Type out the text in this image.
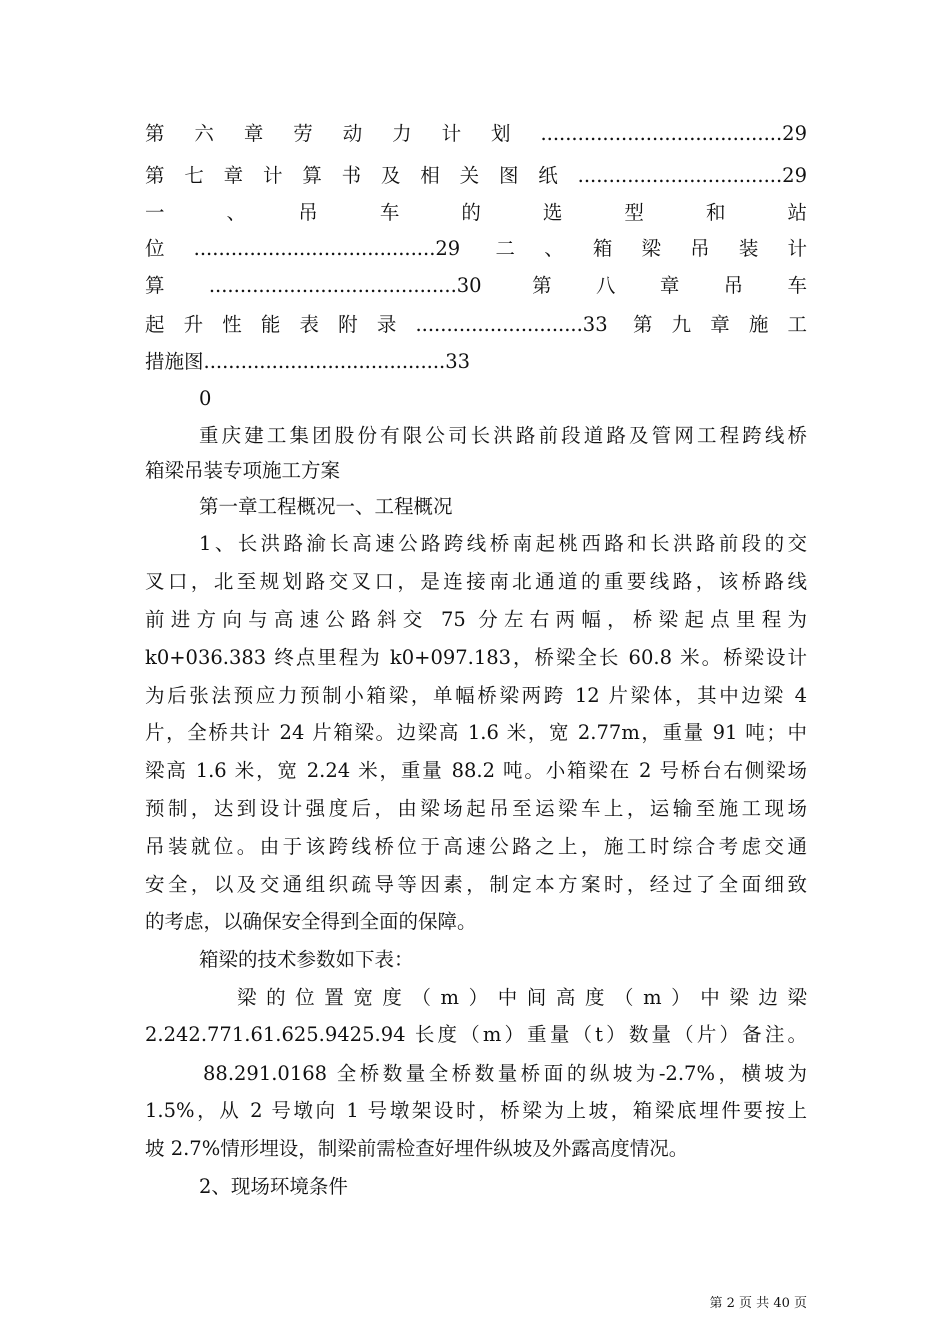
第六章劳动力计划.......................................29
第七章计算书及相关图纸.................................29
一　　、　　吊　　车　　的　　选　　型　　和　　站
位.......................................29 二、箱梁吊装计
算........................................30 第八章吊车
起升性能表附录...........................33 第九章施工
措施图.......................................33
0
重庆建工集团股份有限公司长洪路前段道路及管网工程跨线桥
箱梁吊装专项施工方案
第一章工程概况一、工程概况
1、长洪路渝长高速公路跨线桥南起桃西路和长洪路前段的交
叉口，北至规划路交叉口，是连接南北通道的重要线路，该桥路线
前进方向与高速公路斜交 75 分左右两幅，桥梁起点里程为
k0+036.383 终点里程为 k0+097.183，桥梁全长 60.8 米。桥梁设计
为后张法预应力预制小箱梁，单幅桥梁两跨 12 片梁体，其中边梁 4
片，全桥共计 24 片箱梁。边梁高 1.6 米，宽 2.77m，重量 91 吨；中
梁高 1.6 米，宽 2.24 米，重量 88.2 吨。小箱梁在 2 号桥台右侧梁场
预制，达到设计强度后，由梁场起吊至运梁车上，运输至施工现场
吊装就位。由于该跨线桥位于高速公路之上，施工时综合考虑交通
安全，以及交通组织疏导等因素，制定本方案时，经过了全面细致
的考虑，以确保安全得到全面的保障。
箱梁的技术参数如下表：
梁的位置宽度（m）中间高度（m）中梁边梁
2.242.771.61.625.9425.94 长度（m）重量（t）数量（片）备注。
88.291.0168 全桥数量全桥数量桥面的纵坡为-2.7%，横坡为
1.5%，从 2 号墩向 1 号墩架设时，桥梁为上坡，箱梁底埋件要按上
坡 2.7%情形埋设，制梁前需检查好埋件纵坡及外露高度情况。
2、现场环境条件
第 2 页 共 40 页
